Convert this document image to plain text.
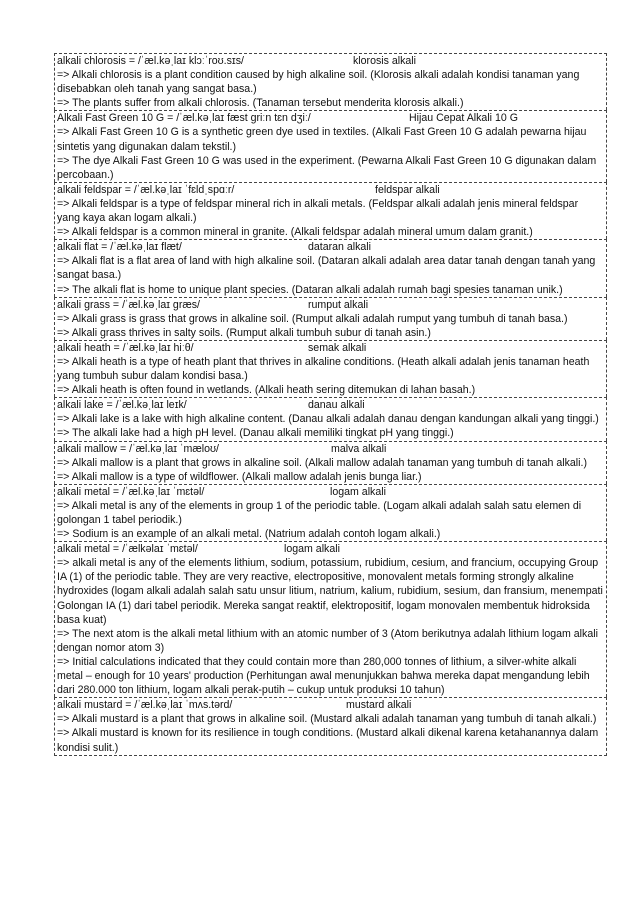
alkali chlorosis = /ˈæl.kəˌlaɪ klɔːˈroʊ.sɪs/	klorosis alkali

=> Alkali chlorosis is a plant condition caused by high alkaline soil. (Klorosis alkali adalah kondisi tanaman yang disebabkan oleh tanah yang sangat basa.)

=> The plants suffer from alkali chlorosis. (Tanaman tersebut menderita klorosis alkali.)

Alkali Fast Green 10 G = /ˈæl.kəˌlaɪ fæst griːn tɛn dʒiː/	Hijau Cepat Alkali 10 G

=> Alkali Fast Green 10 G is a synthetic green dye used in textiles. (Alkali Fast Green 10 G adalah pewarna hijau sintetis yang digunakan dalam tekstil.)

=> The dye Alkali Fast Green 10 G was used in the experiment. (Pewarna Alkali Fast Green 10 G digunakan dalam percobaan.)

alkali feldspar = /ˈæl.kəˌlaɪ ˈfɛldˌspɑːr/	feldspar alkali

=> Alkali feldspar is a type of feldspar mineral rich in alkali metals. (Feldspar alkali adalah jenis mineral feldspar yang kaya akan logam alkali.)

=> Alkali feldspar is a common mineral in granite. (Alkali feldspar adalah mineral umum dalam granit.)

alkali flat = /ˈæl.kəˌlaɪ flæt/	dataran alkali

=> Alkali flat is a flat area of land with high alkaline soil. (Dataran alkali adalah area datar tanah dengan tanah yang sangat basa.)

=> The alkali flat is home to unique plant species. (Dataran alkali adalah rumah bagi spesies tanaman unik.)

alkali grass = /ˈæl.kəˌlaɪ græs/	rumput alkali

=> Alkali grass is grass that grows in alkaline soil. (Rumput alkali adalah rumput yang tumbuh di tanah basa.)

=> Alkali grass thrives in salty soils. (Rumput alkali tumbuh subur di tanah asin.)

alkali heath = /ˈæl.kəˌlaɪ hiːθ/	semak alkali

=> Alkali heath is a type of heath plant that thrives in alkaline conditions. (Heath alkali adalah jenis tanaman heath yang tumbuh subur dalam kondisi basa.)

=> Alkali heath is often found in wetlands. (Alkali heath sering ditemukan di lahan basah.)

alkali lake = /ˈæl.kəˌlaɪ leɪk/	danau alkali

=> Alkali lake is a lake with high alkaline content. (Danau alkali adalah danau dengan kandungan alkali yang tinggi.)

=> The alkali lake had a high pH level. (Danau alkali memiliki tingkat pH yang tinggi.)

alkali mallow = /ˈæl.kəˌlaɪ ˈmæloʊ/	malva alkali

=> Alkali mallow is a plant that grows in alkaline soil. (Alkali mallow adalah tanaman yang tumbuh di tanah alkali.)

=> Alkali mallow is a type of wildflower. (Alkali mallow adalah jenis bunga liar.)

alkali metal = /ˈæl.kəˌlaɪ ˈmɛtəl/	logam alkali

=> Alkali metal is any of the elements in group 1 of the periodic table. (Logam alkali adalah salah satu elemen di golongan 1 tabel periodik.)

=> Sodium is an example of an alkali metal. (Natrium adalah contoh logam alkali.)

alkali metal = /ˈælkəlaɪ ˈmɛtəl/	logam alkali

=> alkali metal is any of the elements lithium, sodium, potassium, rubidium, cesium, and francium, occupying Group IA (1) of the periodic table. They are very reactive, electropositive, monovalent metals forming strongly alkaline hydroxides (logam alkali adalah salah satu unsur litium, natrium, kalium, rubidium, sesium, dan fransium, menempati Golongan IA (1) dari tabel periodik. Mereka sangat reaktif, elektropositif, logam monovalen membentuk hidroksida basa kuat)

=> The next atom is the alkali metal lithium with an atomic number of 3 (Atom berikutnya adalah lithium logam alkali dengan nomor atom 3)

=> Initial calculations indicated that they could contain more than 280,000 tonnes of lithium, a silver-white alkali metal – enough for 10 years' production (Perhitungan awal menunjukkan bahwa mereka dapat mengandung lebih dari 280.000 ton lithium, logam alkali perak-putih – cukup untuk produksi 10 tahun)

alkali mustard = /ˈæl.kəˌlaɪ ˈmʌs.tərd/	mustard alkali

=> Alkali mustard is a plant that grows in alkaline soil. (Mustard alkali adalah tanaman yang tumbuh di tanah alkali.)

=> Alkali mustard is known for its resilience in tough conditions. (Mustard alkali dikenal karena ketahanannya dalam kondisi sulit.)
